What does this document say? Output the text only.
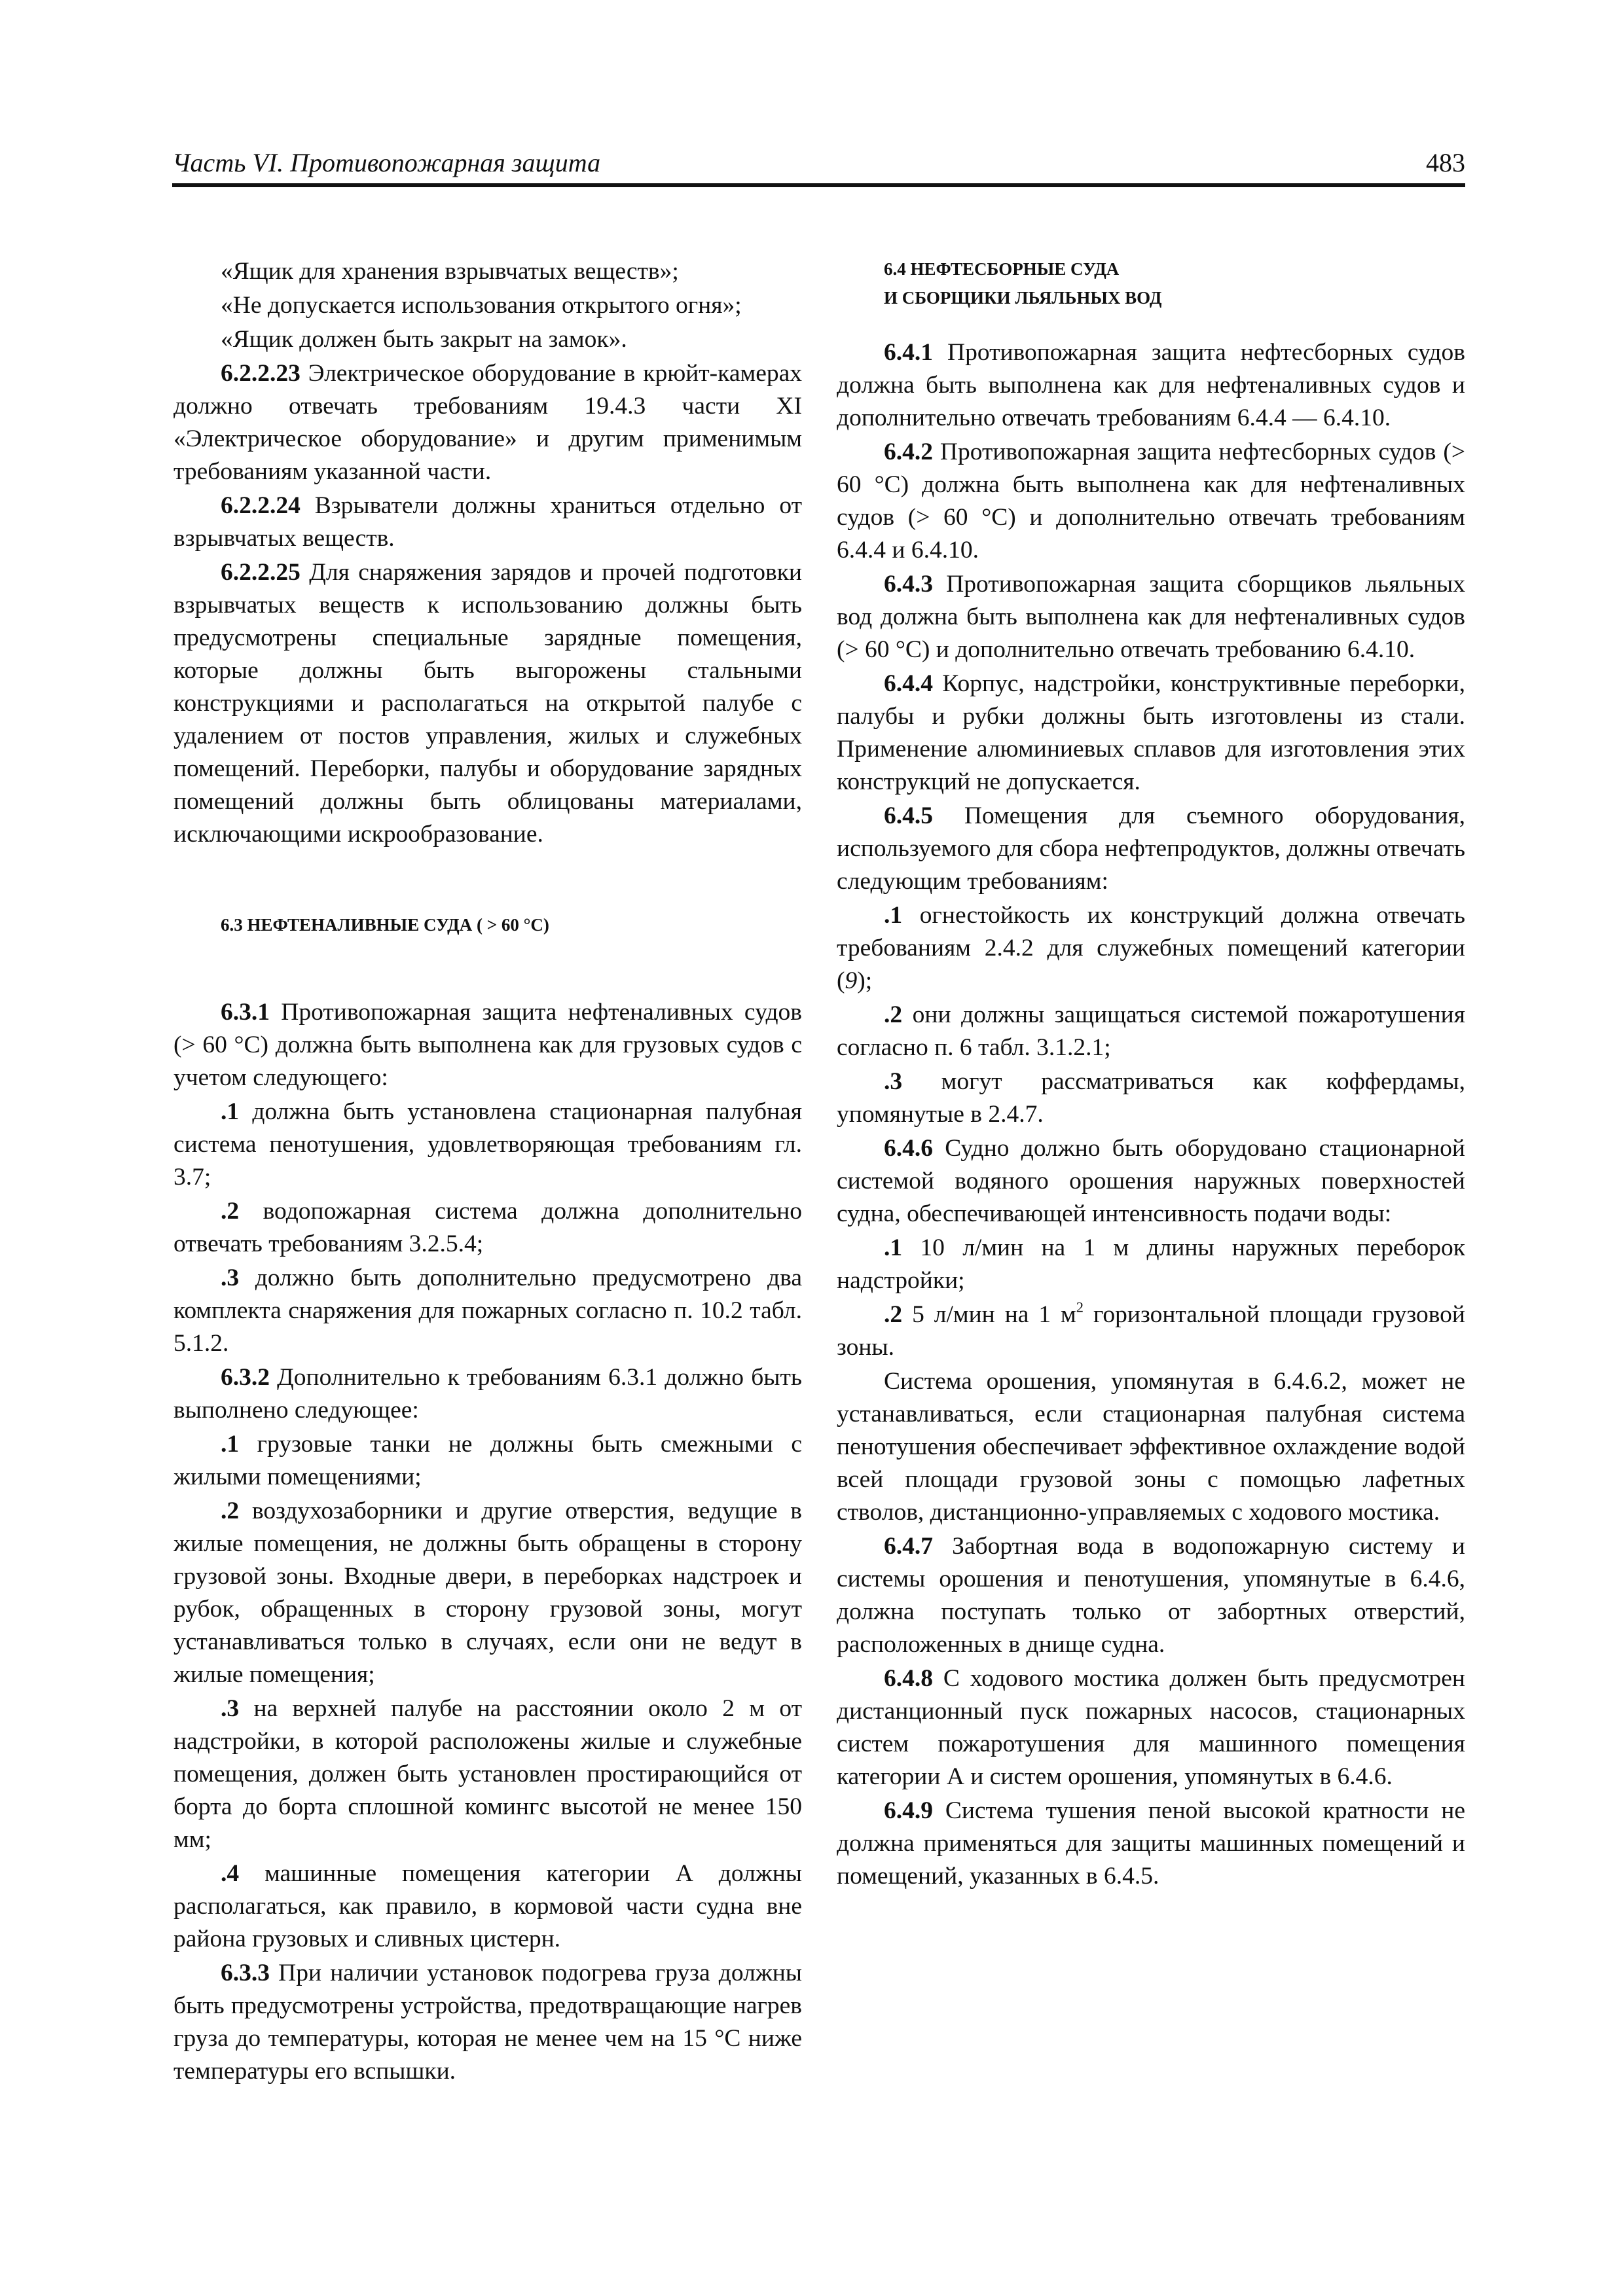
Часть VI. Противопожарная защита	483

«Ящик для хранения взрывчатых веществ»;

«Не допускается использования открытого огня»;

«Ящик должен быть закрыт на замок».

6.2.2.23 Электрическое оборудование в крюйт-камерах должно отвечать требованиям 19.4.3 части XI «Электрическое оборудование» и другим применимым требованиям указанной части.

6.2.2.24 Взрыватели должны храниться отдельно от взрывчатых веществ.

6.2.2.25 Для снаряжения зарядов и прочей подготовки взрывчатых веществ к использованию должны быть предусмотрены специальные зарядные помещения, которые должны быть выгорожены стальными конструкциями и располагаться на открытой палубе с удалением от постов управления, жилых и служебных помещений. Переборки, палубы и оборудование зарядных помещений должны быть облицованы материалами, исключающими искрообразование.

6.3 НЕФТЕНАЛИВНЫЕ СУДА ( > 60 °С)

6.3.1 Противопожарная защита нефтеналивных судов (> 60 °С) должна быть выполнена как для грузовых судов с учетом следующего:

.1 должна быть установлена стационарная палубная система пенотушения, удовлетворяющая требованиям гл. 3.7;

.2 водопожарная система должна дополнительно отвечать требованиям 3.2.5.4;

.3 должно быть дополнительно предусмотрено два комплекта снаряжения для пожарных согласно п. 10.2 табл. 5.1.2.

6.3.2 Дополнительно к требованиям 6.3.1 должно быть выполнено следующее:

.1 грузовые танки не должны быть смежными с жилыми помещениями;

.2 воздухозаборники и другие отверстия, ведущие в жилые помещения, не должны быть обращены в сторону грузовой зоны. Входные двери, в переборках надстроек и рубок, обращенных в сторону грузовой зоны, могут устанавливаться только в случаях, если они не ведут в жилые помещения;

.3 на верхней палубе на расстоянии около 2 м от надстройки, в которой расположены жилые и служебные помещения, должен быть установлен простирающийся от борта до борта сплошной комингс высотой не менее 150 мм;

.4 машинные помещения категории А должны располагаться, как правило, в кормовой части судна вне района грузовых и сливных цистерн.

6.3.3 При наличии установок подогрева груза должны быть предусмотрены устройства, предотвращающие нагрев груза до температуры, которая не менее чем на 15 °С ниже температуры его вспышки.

6.4 НЕФТЕСБОРНЫЕ СУДА

И СБОРЩИКИ ЛЬЯЛЬНЫХ ВОД

6.4.1 Противопожарная защита нефтесборных судов должна быть выполнена как для нефтеналивных судов и дополнительно отвечать требованиям 6.4.4 — 6.4.10.

6.4.2 Противопожарная защита нефтесборных судов (> 60 °С) должна быть выполнена как для нефтеналивных судов (> 60 °С) и дополнительно отвечать требованиям 6.4.4 и 6.4.10.

6.4.3 Противопожарная защита сборщиков льяльных вод должна быть выполнена как для нефтеналивных судов (> 60 °С) и дополнительно отвечать требованию 6.4.10.

6.4.4 Корпус, надстройки, конструктивные переборки, палубы и рубки должны быть изготовлены из стали. Применение алюминиевых сплавов для изготовления этих конструкций не допускается.

6.4.5 Помещения для съемного оборудования, используемого для сбора нефтепродуктов, должны отвечать следующим требованиям:

.1 огнестойкость их конструкций должна отвечать требованиям 2.4.2 для служебных помещений категории (9);

.2 они должны защищаться системой пожаротушения согласно п. 6 табл. 3.1.2.1;

.3 могут рассматриваться как коффердамы, упомянутые в 2.4.7.

6.4.6 Судно должно быть оборудовано стационарной системой водяного орошения наружных поверхностей судна, обеспечивающей интенсивность подачи воды:

.1 10 л/мин на 1 м длины наружных переборок надстройки;

.2 5 л/мин на 1 $м^2$ горизонтальной площади грузовой зоны.

Система орошения, упомянутая в 6.4.6.2, может не устанавливаться, если стационарная палубная система пенотушения обеспечивает эффективное охлаждение водой всей площади грузовой зоны с помощью лафетных стволов, дистанционно-управляемых с ходового мостика.

6.4.7 Забортная вода в водопожарную систему и системы орошения и пенотушения, упомянутые в 6.4.6, должна поступать только от забортных отверстий, расположенных в днище судна.

6.4.8 С ходового мостика должен быть предусмотрен дистанционный пуск пожарных насосов, стационарных систем пожаротушения для машинного помещения категории А и систем орошения, упомянутых в 6.4.6.

6.4.9 Система тушения пеной высокой кратности не должна применяться для защиты машинных помещений и помещений, указанных в 6.4.5.
